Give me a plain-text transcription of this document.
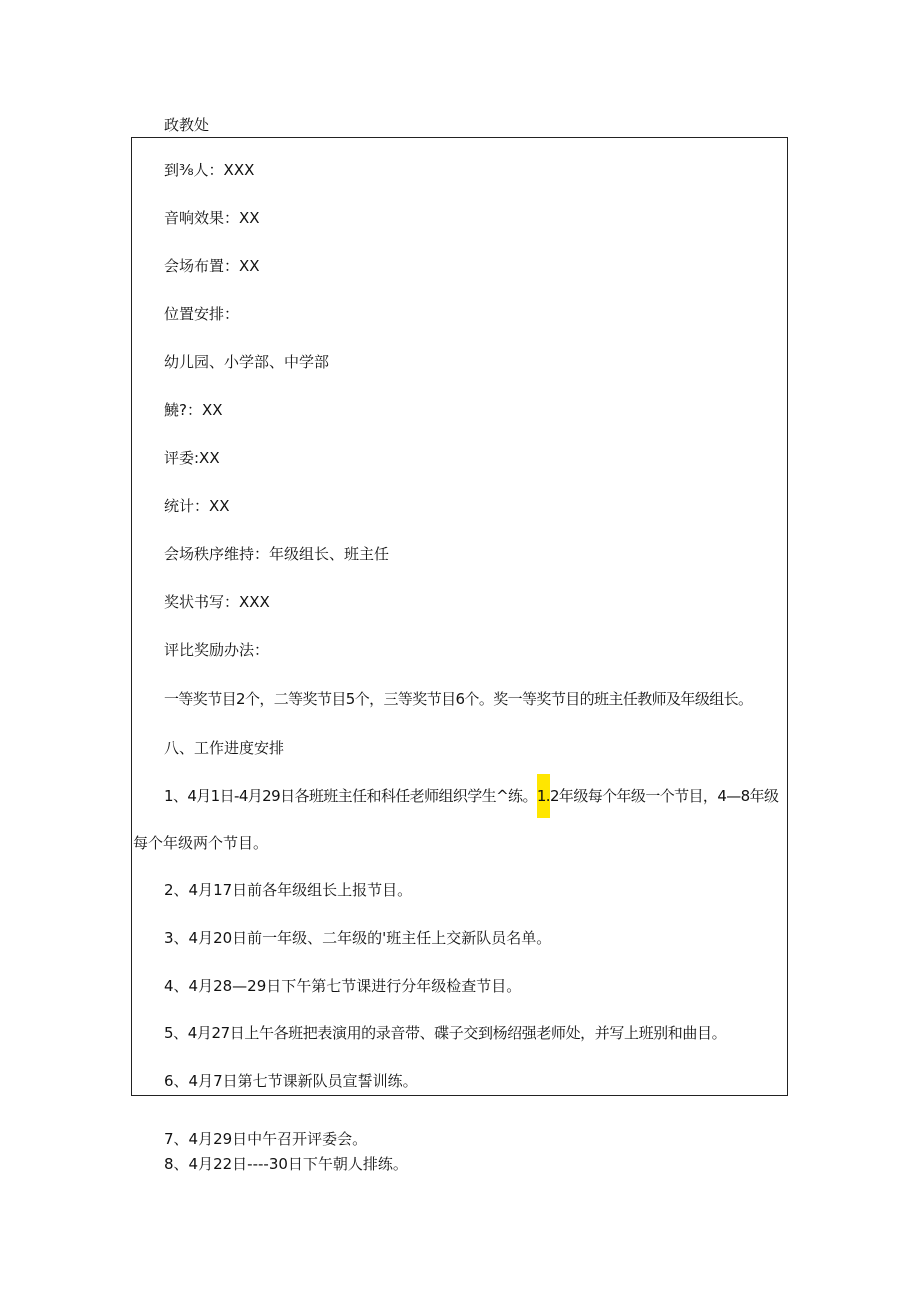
政教处
到⅜人：XXX
音响效果：XX
会场布置：XX
位置安排：
幼儿园、小学部、中学部
鱙?：XX
评委:XX
统计：XX
会场秩序维持：年级组长、班主任
奖状书写：XXX
评比奖励办法：
一等奖节目2个，二等奖节目5个，三等奖节目6个。奖一等奖节目的班主任教师及年级组长。
八、工作进度安排
1、4月1日-4月29日各班班主任和科任老师组织学生^练。1.2年级每个年级一个节目，4—8年级
每个年级两个节目。
2、4月17日前各年级组长上报节目。
3、4月20日前一年级、二年级的'班主任上交新队员名单。
4、4月28—29日下午第七节课进行分年级检查节目。
5、4月27日上午各班把表演用的录音带、碟子交到杨绍强老师处，并写上班别和曲目。
6、4月7日第七节课新队员宣誓训练。
7、4月29日中午召开评委会。
8、4月22日----30日下午朝人排练。
